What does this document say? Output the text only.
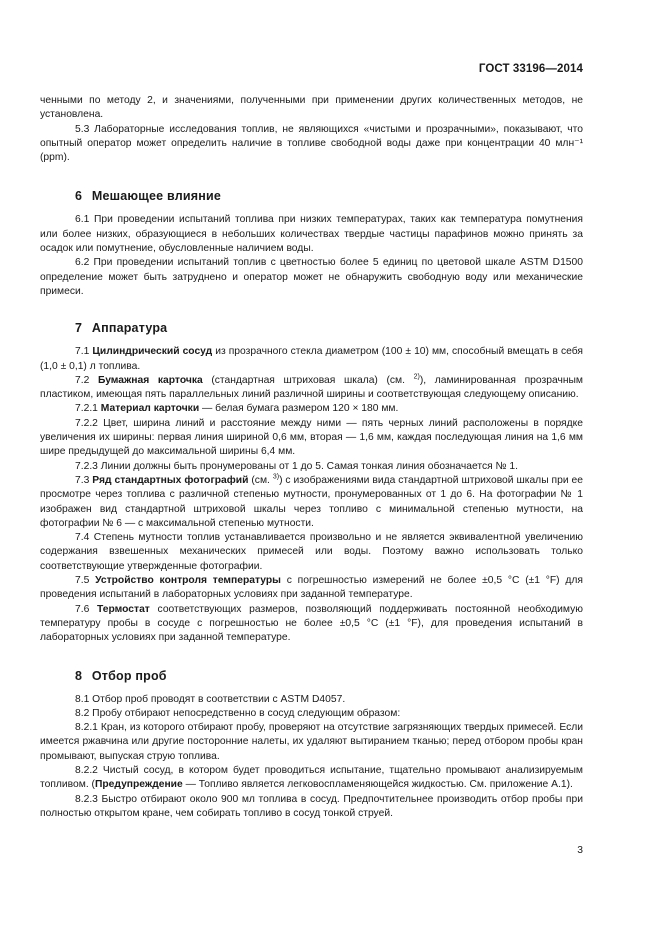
ГОСТ 33196—2014

ченными по методу 2, и значениями, полученными при применении других количественных методов, не установлена.

5.3 Лабораторные исследования топлив, не являющихся «чистыми и прозрачными», показывают, что опытный оператор может определить наличие в топливе свободной воды даже при концентрации 40 млн⁻¹ (ppm).

6 Мешающее влияние

6.1 При проведении испытаний топлива при низких температурах, таких как температура помутнения или более низких, образующиеся в небольших количествах твердые частицы парафинов можно принять за осадок или помутнение, обусловленные наличием воды.

6.2 При проведении испытаний топлив с цветностью более 5 единиц по цветовой шкале ASTM D1500 определение может быть затруднено и оператор может не обнаружить свободную воду или механические примеси.

7 Аппаратура

7.1 Цилиндрический сосуд из прозрачного стекла диаметром (100 ± 10) мм, способный вмещать в себя (1,0 ± 0,1) л топлива.

7.2 Бумажная карточка (стандартная штриховая шкала) (см. $^{2)}$), ламинированная прозрачным пластиком, имеющая пять параллельных линий различной ширины и соответствующая следующему описанию.

7.2.1 Материал карточки — белая бумага размером 120 × 180 мм.

7.2.2 Цвет, ширина линий и расстояние между ними — пять черных линий расположены в порядке увеличения их ширины: первая линия шириной 0,6 мм, вторая — 1,6 мм, каждая последующая линия на 1,6 мм шире предыдущей до максимальной ширины 6,4 мм.

7.2.3 Линии должны быть пронумерованы от 1 до 5. Самая тонкая линия обозначается № 1.

7.3 Ряд стандартных фотографий (см. $^{3)}$) с изображениями вида стандартной штриховой шкалы при ее просмотре через топлива с различной степенью мутности, пронумерованных от 1 до 6. На фотографии № 1 изображен вид стандартной штриховой шкалы через топливо с минимальной степенью мутности, на фотографии № 6 — с максимальной степенью мутности.

7.4 Степень мутности топлив устанавливается произвольно и не является эквивалентной увеличению содержания взвешенных механических примесей или воды. Поэтому важно использовать только соответствующие утвержденные фотографии.

7.5 Устройство контроля температуры с погрешностью измерений не более ±0,5 °С (±1 °F) для проведения испытаний в лабораторных условиях при заданной температуре.

7.6 Термостат соответствующих размеров, позволяющий поддерживать постоянной необходимую температуру пробы в сосуде с погрешностью не более ±0,5 °С (±1 °F), для проведения испытаний в лабораторных условиях при заданной температуре.

8 Отбор проб

8.1 Отбор проб проводят в соответствии с ASTM D4057.

8.2 Пробу отбирают непосредственно в сосуд следующим образом:

8.2.1 Кран, из которого отбирают пробу, проверяют на отсутствие загрязняющих твердых примесей. Если имеется ржавчина или другие посторонние налеты, их удаляют вытиранием тканью; перед отбором пробы кран промывают, выпуская струю топлива.

8.2.2 Чистый сосуд, в котором будет проводиться испытание, тщательно промывают анализируемым топливом. (Предупреждение — Топливо является легковоспламеняющейся жидкостью. См. приложение А.1).

8.2.3 Быстро отбирают около 900 мл топлива в сосуд. Предпочтительнее производить отбор пробы при полностью открытом кране, чем собирать топливо в сосуд тонкой струей.

3
